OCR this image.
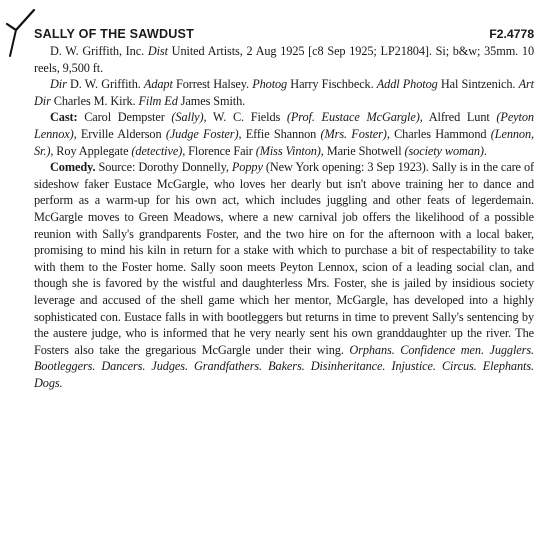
SALLY OF THE SAWDUST	F2.4778

D. W. Griffith, Inc. Dist United Artists, 2 Aug 1925 [c8 Sep 1925; LP21804]. Si; b&w; 35mm. 10 reels, 9,500 ft.

Dir D. W. Griffith. Adapt Forrest Halsey. Photog Harry Fischbeck. Addl Photog Hal Sintzenich. Art Dir Charles M. Kirk. Film Ed James Smith.

Cast: Carol Dempster (Sally), W. C. Fields (Prof. Eustace McGargle), Alfred Lunt (Peyton Lennox), Erville Alderson (Judge Foster), Effie Shannon (Mrs. Foster), Charles Hammond (Lennon, Sr.), Roy Applegate (detective), Florence Fair (Miss Vinton), Marie Shotwell (society woman).

Comedy. Source: Dorothy Donnelly, Poppy (New York opening: 3 Sep 1923). Sally is in the care of sideshow faker Eustace McGargle, who loves her dearly but isn't above training her to dance and perform as a warm-up for his own act, which includes juggling and other feats of legerdemain. McGargle moves to Green Meadows, where a new carnival job offers the likelihood of a possible reunion with Sally's grandparents Foster, and the two hire on for the afternoon with a local baker, promising to mind his kiln in return for a stake with which to purchase a bit of respectability to take with them to the Foster home. Sally soon meets Peyton Lennox, scion of a leading social clan, and though she is favored by the wistful and daughterless Mrs. Foster, she is jailed by insidious society leverage and accused of the shell game which her mentor, McGargle, has developed into a highly sophisticated con. Eustace falls in with bootleggers but returns in time to prevent Sally's sentencing by the austere judge, who is informed that he very nearly sent his own granddaughter up the river. The Fosters also take the gregarious McGargle under their wing. Orphans. Confidence men. Jugglers. Bootleggers. Dancers. Judges. Grandfathers. Bakers. Disinheritance. Injustice. Circus. Elephants. Dogs.
